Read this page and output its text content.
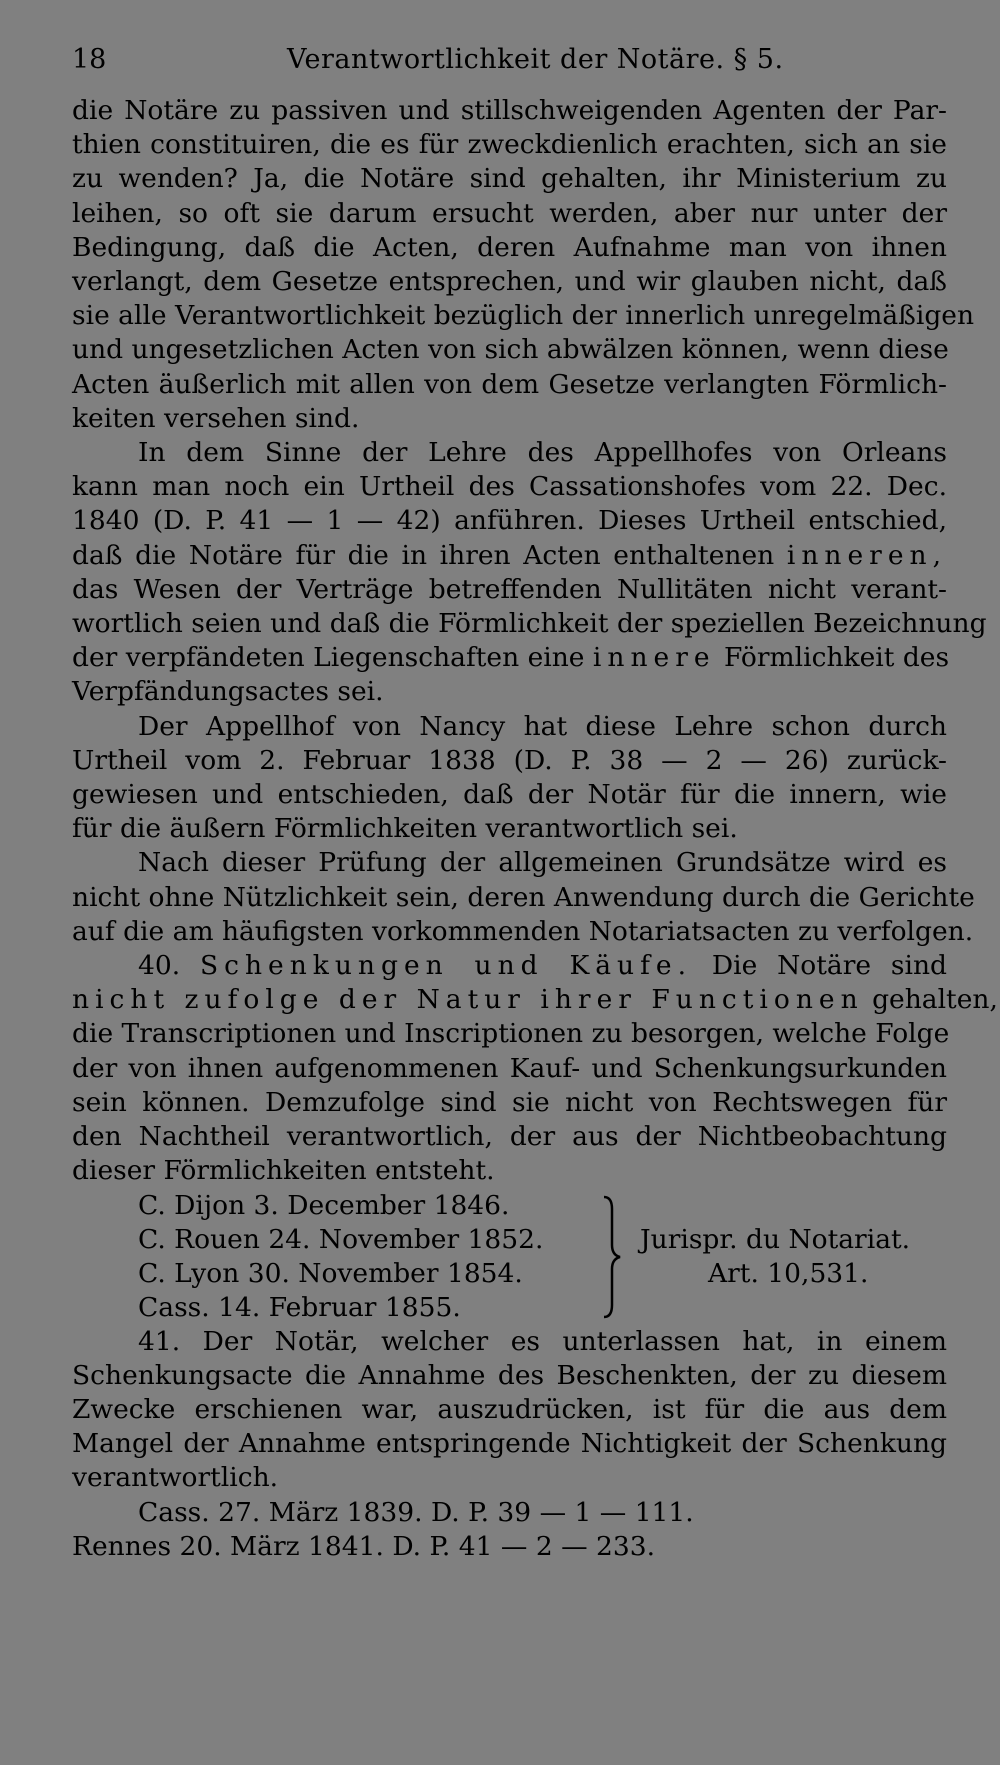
18	Verantwortlichkeit der Notäre. § 5.
die Notäre zu passiven und stillschweigenden Agenten der Par-
thien constituiren, die es für zweckdienlich erachten, sich an sie
zu wenden? Ja, die Notäre sind gehalten, ihr Ministerium zu
leihen, so oft sie darum ersucht werden, aber nur unter der
Bedingung, daß die Acten, deren Aufnahme man von ihnen
verlangt, dem Gesetze entsprechen, und wir glauben nicht, daß
sie alle Verantwortlichkeit bezüglich der innerlich unregelmäßigen
und ungesetzlichen Acten von sich abwälzen können, wenn diese
Acten äußerlich mit allen von dem Gesetze verlangten Förmlich-
keiten versehen sind.
In dem Sinne der Lehre des Appellhofes von Orleans
kann man noch ein Urtheil des Cassationshofes vom 22. Dec.
1840 (D. P. 41 — 1 — 42) anführen. Dieses Urtheil entschied,
daß die Notäre für die in ihren Acten enthaltenen inneren,
das Wesen der Verträge betreffenden Nullitäten nicht verant-
wortlich seien und daß die Förmlichkeit der speziellen Bezeichnung
der verpfändeten Liegenschaften eine innere Förmlichkeit des
Verpfändungsactes sei.
Der Appellhof von Nancy hat diese Lehre schon durch
Urtheil vom 2. Februar 1838 (D. P. 38 — 2 — 26) zurück-
gewiesen und entschieden, daß der Notär für die innern, wie
für die äußern Förmlichkeiten verantwortlich sei.
Nach dieser Prüfung der allgemeinen Grundsätze wird es
nicht ohne Nützlichkeit sein, deren Anwendung durch die Gerichte
auf die am häufigsten vorkommenden Notariatsacten zu verfolgen.
40. Schenkungen und Käufe. Die Notäre sind
nicht zufolge der Natur ihrer Functionen gehalten,
die Transcriptionen und Inscriptionen zu besorgen, welche Folge
der von ihnen aufgenommenen Kauf- und Schenkungsurkunden
sein können. Demzufolge sind sie nicht von Rechtswegen für
den Nachtheil verantwortlich, der aus der Nichtbeobachtung
dieser Förmlichkeiten entsteht.
C. Dijon 3. December 1846.
C. Rouen 24. November 1852.
C. Lyon 30. November 1854.
Cass. 14. Februar 1855.
Jurispr. du Notariat.
Art. 10,531.
41. Der Notär, welcher es unterlassen hat, in einem
Schenkungsacte die Annahme des Beschenkten, der zu diesem
Zwecke erschienen war, auszudrücken, ist für die aus dem
Mangel der Annahme entspringende Nichtigkeit der Schenkung
verantwortlich.
Cass. 27. März 1839. D. P. 39 — 1 — 111.
Rennes 20. März 1841. D. P. 41 — 2 — 233.
